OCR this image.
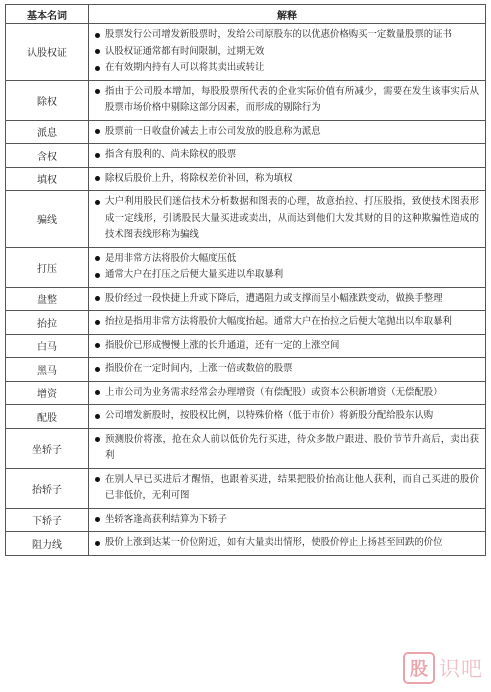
基本名词	解释
认股权证	股票发行公司增发新股票时，发给公司原股东的以优惠价格购买一定数量股票的证书
认股权证通常都有时间限制，过期无效
在有效期内持有人可以将其卖出或转让

除权	指由于公司股本增加，每股股票所代表的企业实际价值有所减少，需要在发生该事实后从股票市场价格中剔除这部分因素，而形成的剔除行为

派息	股票前一日收盘价减去上市公司发放的股息称为派息

含权	指含有股利的、尚未除权的股票

填权	除权后股价上升，将除权差价补回，称为填权

骗线	大户利用股民们迷信技术分析数据和图表的心理，故意抬拉、打压股指，致使技术图表形成一定线形，引诱股民大量买进或卖出，从而达到他们大发其财的目的这种欺骗性造成的技术图表线形称为骗线

打压	是用非常方法将股价大幅度压低
通常大户在打压之后便大量买进以牟取暴利

盘整	股价经过一段快捷上升或下降后，遭遇阻力或支撑而呈小幅涨跌变动，做换手整理

抬拉	抬拉是指用非常方法将股价大幅度抬起。通常大户在抬拉之后便大笔抛出以牟取暴利

白马	指股价已形成慢慢上涨的长升通道，还有一定的上涨空间

黑马	指股价在一定时间内，上涨一倍或数倍的股票

增资	上市公司为业务需求经常会办理增资（有偿配股）或资本公积新增资（无偿配股）

配股	公司增发新股时，按股权比例，以特殊价格（低于市价）将新股分配给股东认购

坐轿子	预测股价将涨，抢在众人前以低价先行买进，待众多散户跟进、股价节节升高后，卖出获利

抬轿子	在别人早已买进后才醒悟，也跟着买进，结果把股价抬高让他人获利，而自己买进的股价已非低价，无利可图

下轿子	坐轿客逢高获利结算为下轿子

阻力线	股价上涨到达某一价位附近，如有大量卖出情形，使股价停止上扬甚至回跌的价位
股 识吧
